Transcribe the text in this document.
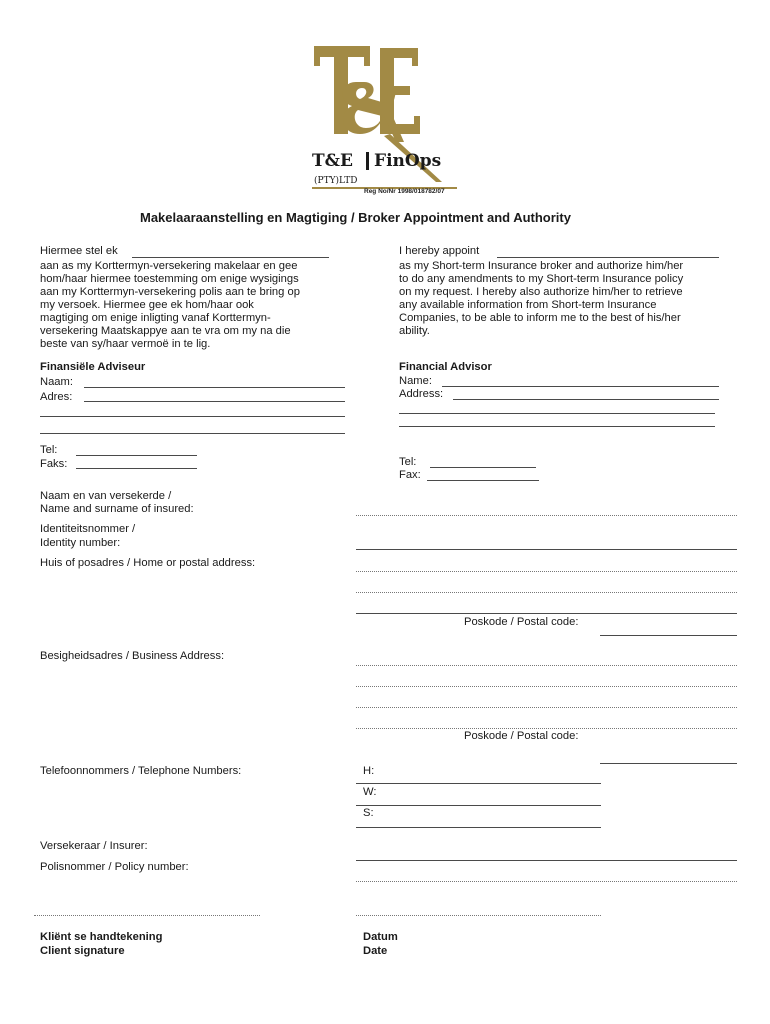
T&E FinOps
(PTY)LTD
Reg No/Nr 1998/018782/07
Makelaaraanstelling en Magtiging / Broker Appointment and Authority
Hiermee stel ek
aan as my Korttermyn-versekering makelaar en gee
hom/haar hiermee toestemming om enige wysigings
aan my Korttermyn-versekering polis aan te bring op
my versoek. Hiermee gee ek hom/haar ook
magtiging om enige inligting vanaf Korttermyn-
versekering Maatskappye aan te vra om my na die
beste van sy/haar vermoë in te lig.
I hereby appoint
as my Short-term Insurance broker and authorize him/her
to do any amendments to my Short-term Insurance policy
on my request. I hereby also authorize him/her to retrieve
any available information from Short-term Insurance
Companies, to be able to inform me to the best of his/her
ability.
Finansiële Adviseur
Naam:
Adres:
Tel:
Faks:
Financial Advisor
Name:
Address:
Tel:
Fax:
Naam en van versekerde /
Name and surname of insured:
Identiteitsnommer /
Identity number:
Huis of posadres / Home or postal address:
Poskode / Postal code:
Besigheidsadres / Business Address:
Poskode / Postal code:
Telefoonnommers / Telephone Numbers:	H:
W:
S:
Versekeraar / Insurer:
Polisnommer / Policy number:
Kliënt se handtekening
Client signature
Datum
Date
